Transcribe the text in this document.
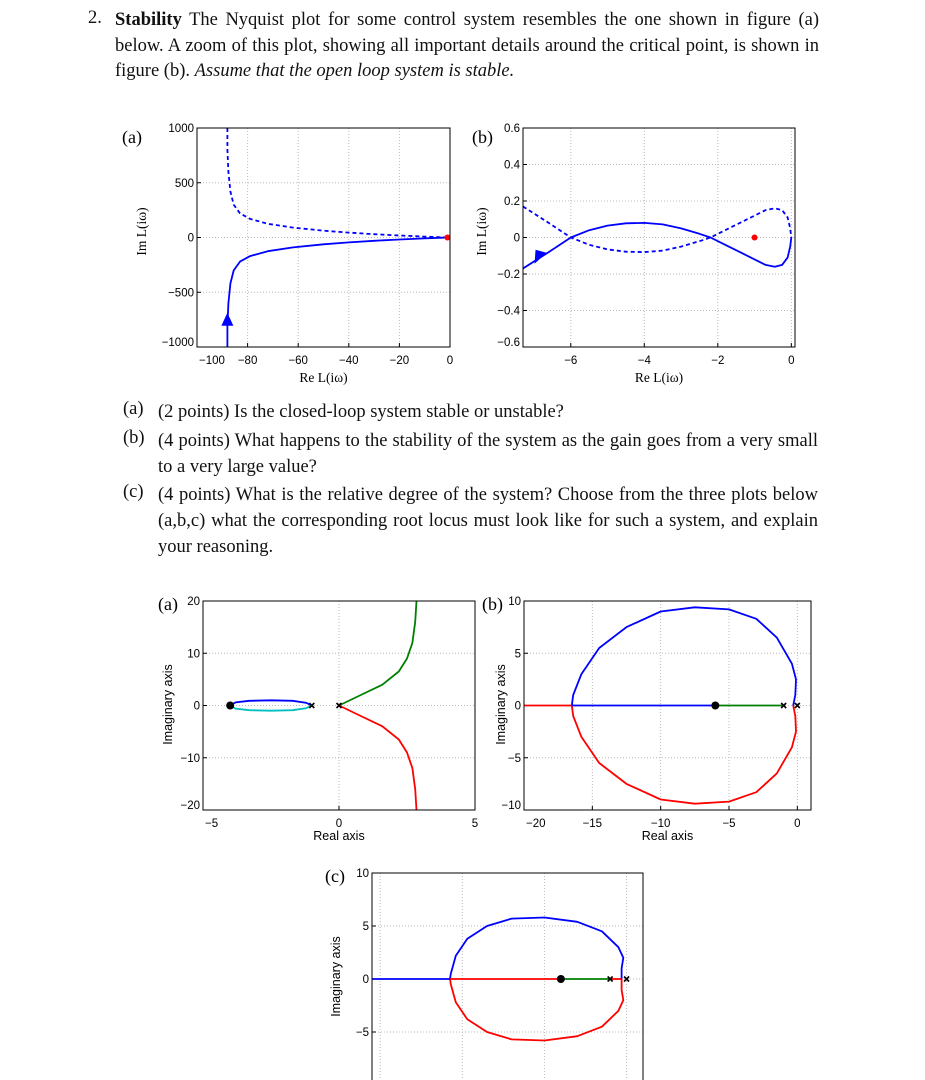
2. Stability The Nyquist plot for some control system resembles the one shown in figure (a) below. A zoom of this plot, showing all important details around the critical point, is shown in figure (b). Assume that the open loop system is stable.
(a) (2 points) Is the closed-loop system stable or unstable?
(b) (4 points) What happens to the stability of the system as the gain goes from a very small to a very large value?
(c) (4 points) What is the relative degree of the system? Choose from the three plots below (a,b,c) what the corresponding root locus must look like for such a system, and explain your reasoning.
−100 −80	−60	−40	−20	0
−1000
−500
0
500
1000
(a)
Re L(iω)
Im L(iω)
−6	−4	−2	0
−0.6
−0.4
−0.2
0
0.2
0.4
0.6
(b)
Re L(iω)
Im L(iω)
−5	0	5
−20
−10
0
10
20
(a)
Real axis
Imaginary axis
−20	−15	−10	−5	0
−10
−5
0
5
10
(b)
Real axis
Imaginary axis
−5
0
5
10
(c)
Imaginary axis
